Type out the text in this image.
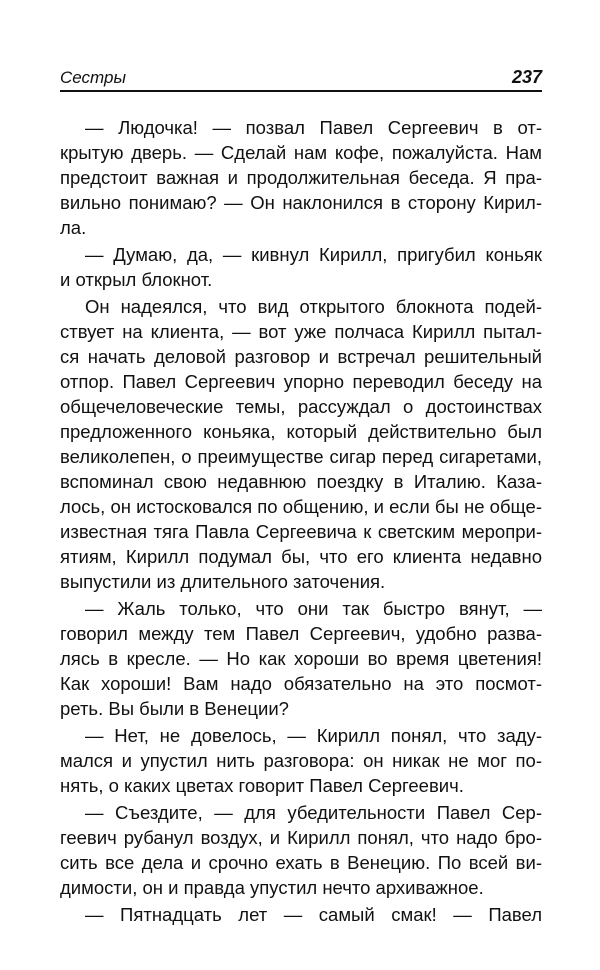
Сестры	237
— Людочка! — позвал Павел Сергеевич в от-
крытую дверь. — Сделай нам кофе, пожалуйста. Нам
предстоит важная и продолжительная беседа. Я пра-
вильно понимаю? — Он наклонился в сторону Кирил-
ла.
— Думаю, да, — кивнул Кирилл, пригубил коньяк
и открыл блокнот.
Он надеялся, что вид открытого блокнота подей-
ствует на клиента, — вот уже полчаса Кирилл пытал-
ся начать деловой разговор и встречал решительный
отпор. Павел Сергеевич упорно переводил беседу на
общечеловеческие темы, рассуждал о достоинствах
предложенного коньяка, который действительно был
великолепен, о преимуществе сигар перед сигаретами,
вспоминал свою недавнюю поездку в Италию. Каза-
лось, он истосковался по общению, и если бы не обще-
известная тяга Павла Сергеевича к светским меропри-
ятиям, Кирилл подумал бы, что его клиента недавно
выпустили из длительного заточения.
— Жаль только, что они так быстро вянут, —
говорил между тем Павел Сергеевич, удобно разва-
лясь в кресле. — Но как хороши во время цветения!
Как хороши! Вам надо обязательно на это посмот-
реть. Вы были в Венеции?
— Нет, не довелось, — Кирилл понял, что заду-
мался и упустил нить разговора: он никак не мог по-
нять, о каких цветах говорит Павел Сергеевич.
— Съездите, — для убедительности Павел Сер-
геевич рубанул воздух, и Кирилл понял, что надо бро-
сить все дела и срочно ехать в Венецию. По всей ви-
димости, он и правда упустил нечто архиважное.
— Пятнадцать лет — самый смак! — Павел
